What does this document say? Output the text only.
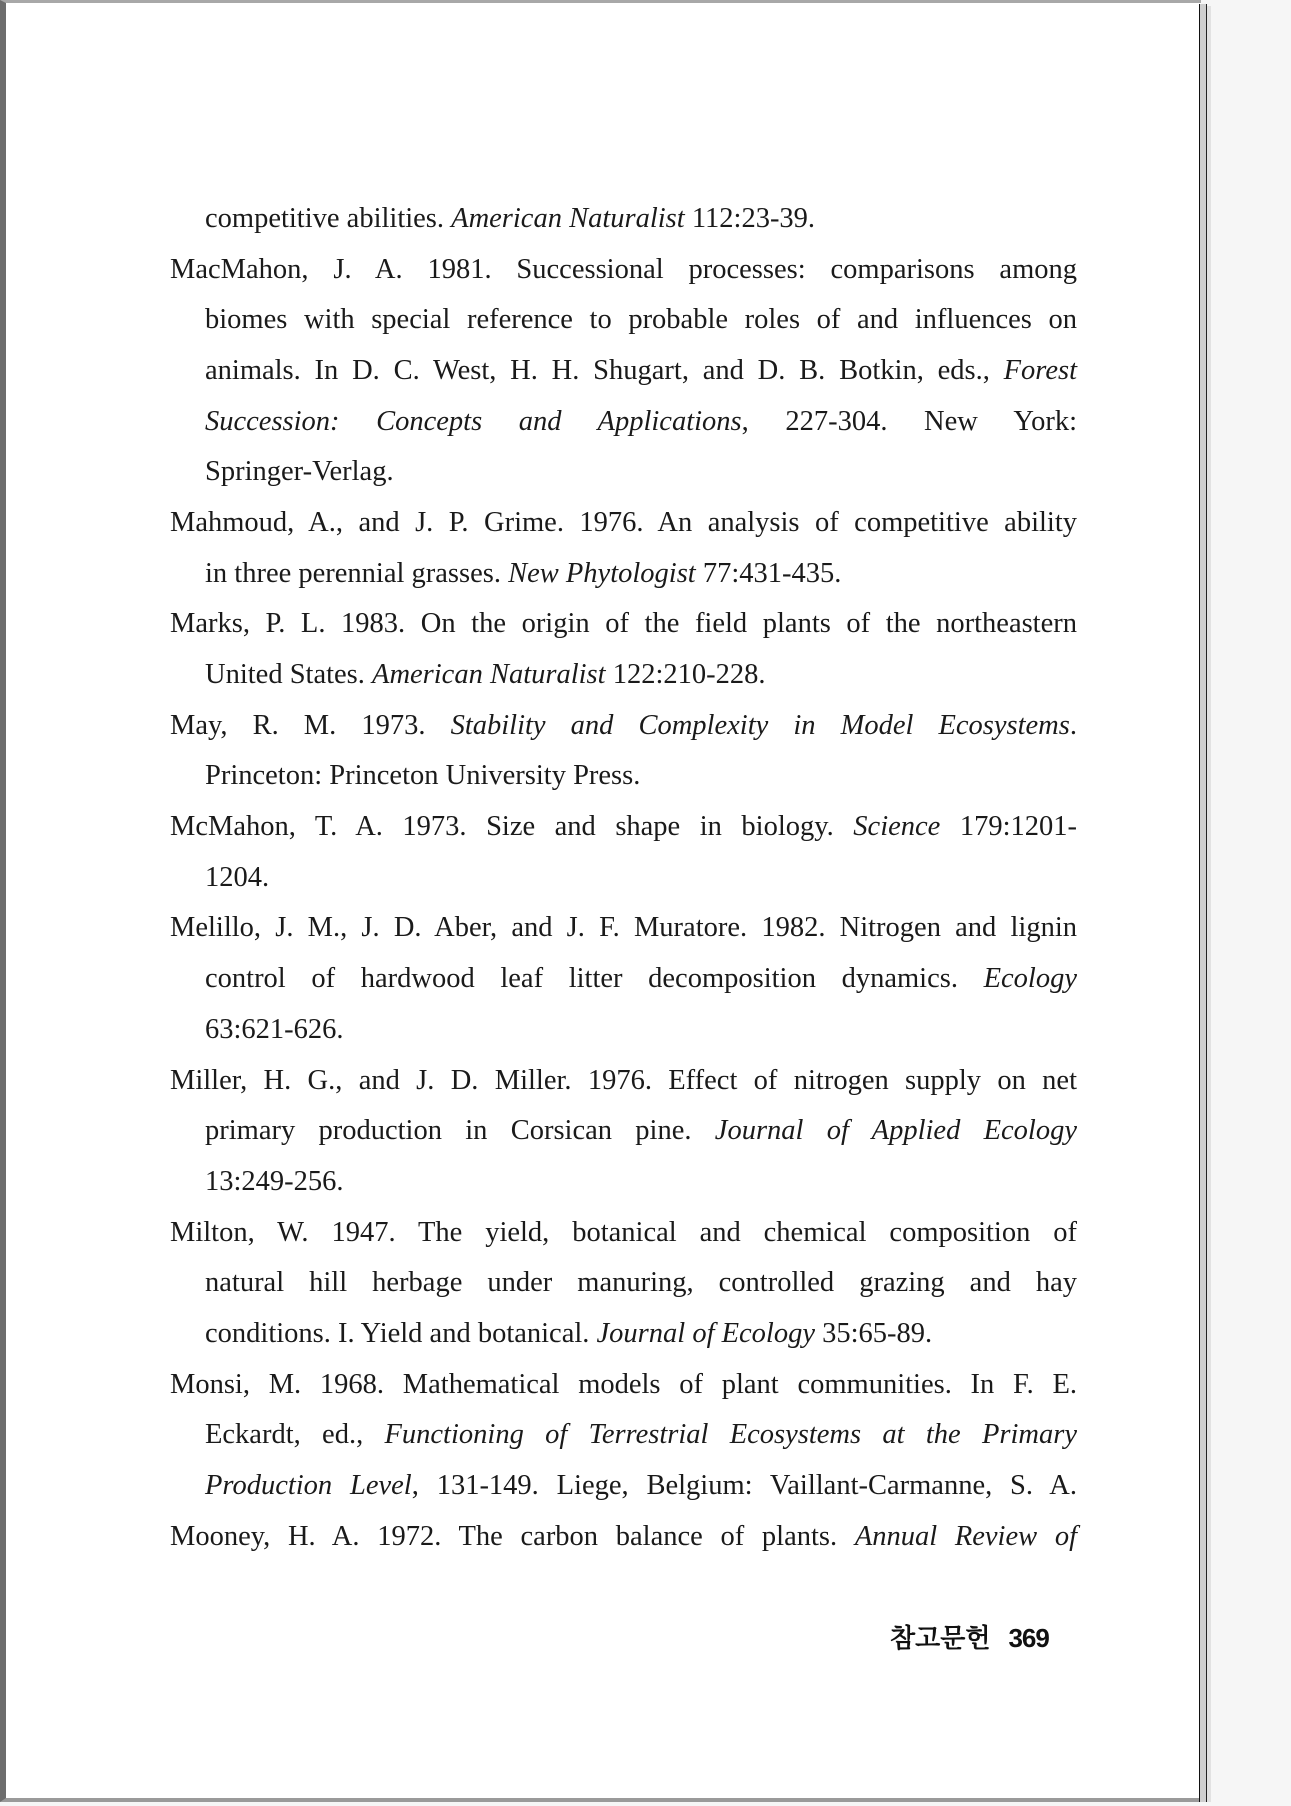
competitive abilities. American Naturalist 112:23-39.
MacMahon, J. A. 1981. Successional processes: comparisons among
biomes with special reference to probable roles of and influences on
animals. In D. C. West, H. H. Shugart, and D. B. Botkin, eds., Forest
Succession: Concepts and Applications, 227-304. New York:
Springer-Verlag.
Mahmoud, A., and J. P. Grime. 1976. An analysis of competitive ability
in three perennial grasses. New Phytologist 77:431-435.
Marks, P. L. 1983. On the origin of the field plants of the northeastern
United States. American Naturalist 122:210-228.
May, R. M. 1973. Stability and Complexity in Model Ecosystems.
Princeton: Princeton University Press.
McMahon, T. A. 1973. Size and shape in biology. Science 179:1201-
1204.
Melillo, J. M., J. D. Aber, and J. F. Muratore. 1982. Nitrogen and lignin
control of hardwood leaf litter decomposition dynamics. Ecology
63:621-626.
Miller, H. G., and J. D. Miller. 1976. Effect of nitrogen supply on net
primary production in Corsican pine. Journal of Applied Ecology
13:249-256.
Milton, W. 1947. The yield, botanical and chemical composition of
natural hill herbage under manuring, controlled grazing and hay
conditions. I. Yield and botanical. Journal of Ecology 35:65-89.
Monsi, M. 1968. Mathematical models of plant communities. In F. E.
Eckardt, ed., Functioning of Terrestrial Ecosystems at the Primary
Production Level, 131-149. Liege, Belgium: Vaillant-Carmanne, S. A.
Mooney, H. A. 1972. The carbon balance of plants. Annual Review of
참고문헌 369
